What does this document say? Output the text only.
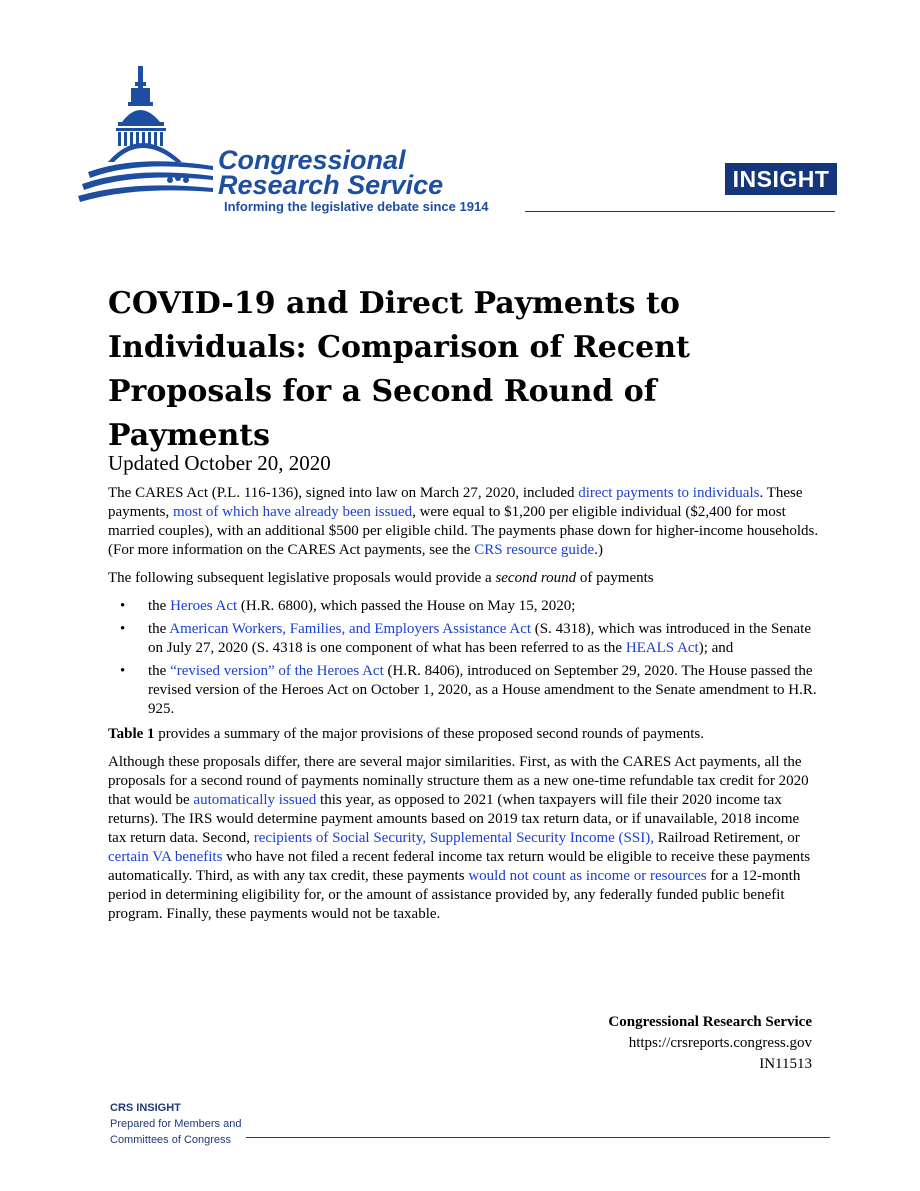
Congressional
Research Service
Informing the legislative debate since 1914
INSIGHT
COVID-19 and Direct Payments to Individuals: Comparison of Recent Proposals for a Second Round of Payments
Updated October 20, 2020

The CARES Act (P.L. 116-136), signed into law on March 27, 2020, included direct payments to individuals. These payments, most of which have already been issued, were equal to $1,200 per eligible individual ($2,400 for most married couples), with an additional $500 per eligible child. The payments phase down for higher-income households. (For more information on the CARES Act payments, see the CRS resource guide.)

The following subsequent legislative proposals would provide a second round of payments

• the Heroes Act (H.R. 6800), which passed the House on May 15, 2020;
• the American Workers, Families, and Employers Assistance Act (S. 4318), which was introduced in the Senate on July 27, 2020 (S. 4318 is one component of what has been referred to as the HEALS Act); and
• the “revised version” of the Heroes Act (H.R. 8406), introduced on September 29, 2020. The House passed the revised version of the Heroes Act on October 1, 2020, as a House amendment to the Senate amendment to H.R. 925.

Table 1 provides a summary of the major provisions of these proposed second rounds of payments.

Although these proposals differ, there are several major similarities. First, as with the CARES Act payments, all the proposals for a second round of payments nominally structure them as a new one-time refundable tax credit for 2020 that would be automatically issued this year, as opposed to 2021 (when taxpayers will file their 2020 income tax returns). The IRS would determine payment amounts based on 2019 tax return data, or if unavailable, 2018 income tax return data. Second, recipients of Social Security, Supplemental Security Income (SSI), Railroad Retirement, or certain VA benefits who have not filed a recent federal income tax return would be eligible to receive these payments automatically. Third, as with any tax credit, these payments would not count as income or resources for a 12-month period in determining eligibility for, or the amount of assistance provided by, any federally funded public benefit program. Finally, these payments would not be taxable.

Congressional Research Service
https://crsreports.congress.gov
IN11513
CRS INSIGHT
Prepared for Members and
Committees of Congress
